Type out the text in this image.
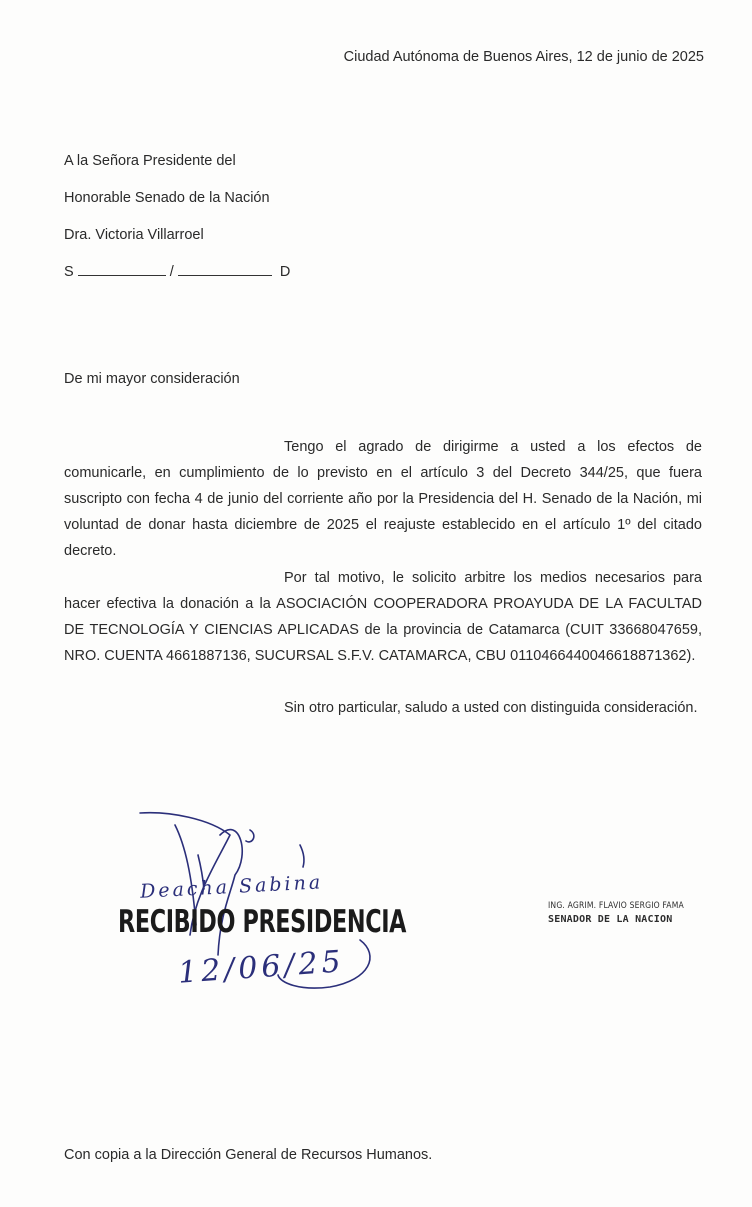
Ciudad Autónoma de Buenos Aires, 12 de junio de 2025
A la Señora Presidente del
Honorable Senado de la Nación
Dra. Victoria Villarroel
S	/	D
De mi mayor consideración
Tengo el agrado de dirigirme a usted a los efectos de comunicarle, en cumplimiento de lo previsto en el artículo 3 del Decreto 344/25, que fuera suscripto con fecha 4 de junio del corriente año por la Presidencia del H. Senado de la Nación, mi voluntad de donar hasta diciembre de 2025 el reajuste establecido en el artículo 1º del citado decreto.
Por tal motivo, le solicito arbitre los medios necesarios para hacer efectiva la donación a la ASOCIACIÓN COOPERADORA PROAYUDA DE LA FACULTAD DE TECNOLOGÍA Y CIENCIAS APLICADAS de la provincia de Catamarca (CUIT 33668047659, NRO. CUENTA 4661887136, SUCURSAL S.F.V. CATAMARCA, CBU 0110466440046618871362).
Sin otro particular, saludo a usted con distinguida consideración.
Deacha Sabina
RECIBIDO PRESIDENCIA
12/06/25
ING. AGRIM. FLAVIO SERGIO FAMA
SENADOR DE LA NACION
Con copia a la Dirección General de Recursos Humanos.
